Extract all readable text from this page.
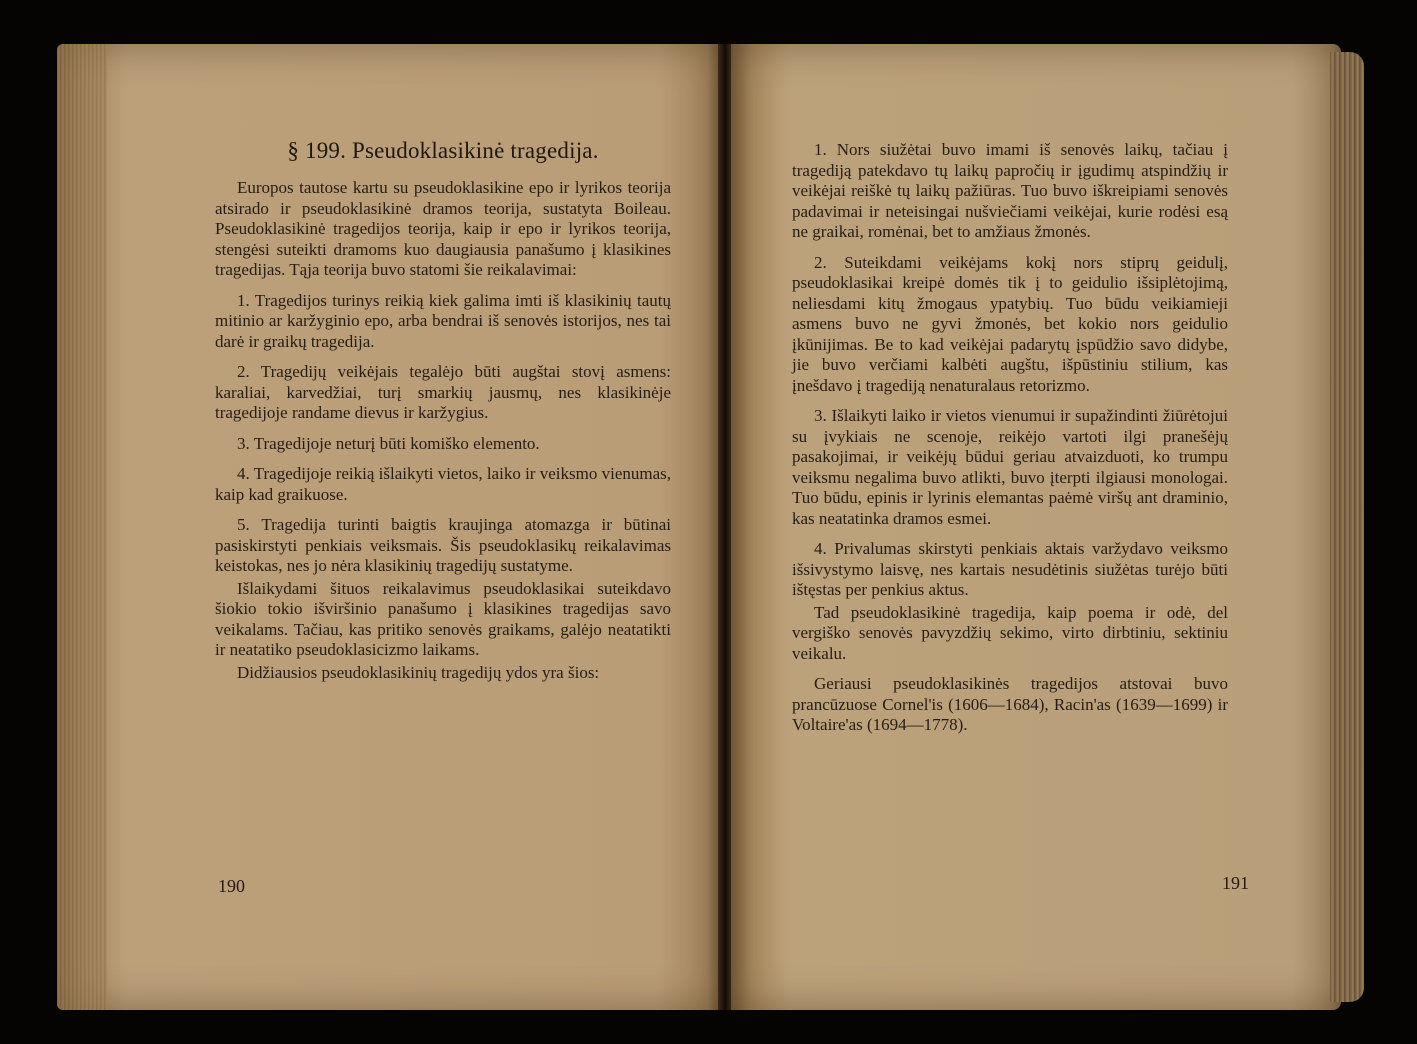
§ 199. Pseudoklasikinė tragedija.

Europos tautose kartu su pseudoklasikine epo ir lyrikos teorija atsirado ir pseudoklasikinė dramos teorija, sustatyta Boileau. Pseudoklasikinė tragedijos teorija, kaip ir epo ir lyrikos teorija, stengėsi suteikti dramoms kuo daugiausia panašumo į klasikines tragedijas. Tąja teorija buvo statomi šie reikalavimai:

1. Tragedijos turinys reikią kiek galima imti iš klasikinių tautų mitinio ar karžyginio epo, arba bendrai iš senovės istorijos, nes tai darė ir graikų tragedija.

2. Tragedijų veikėjais tegalėjo būti augštai stovį asmens: karaliai, karvedžiai, turį smarkių jausmų, nes klasikinėje tragedijoje randame dievus ir karžygius.

3. Tragedijoje neturį būti komiško elemento.

4. Tragedijoje reikią išlaikyti vietos, laiko ir veiksmo vienumas, kaip kad graikuose.

5. Tragedija turinti baigtis kraujinga atomazga ir būtinai pasiskirstyti penkiais veiksmais. Šis pseudoklasikų reikalavimas keistokas, nes jo nėra klasikinių tragedijų sustatyme.

Išlaikydami šituos reikalavimus pseudoklasikai suteikdavo šiokio tokio išviršinio panašumo į klasikines tragedijas savo veikalams. Tačiau, kas pritiko senovės graikams, galėjo neatatikti ir neatatiko pseudoklasicizmo laikams.

Didžiausios pseudoklasikinių tragedijų ydos yra šios:

190

1. Nors siužėtai buvo imami iš senovės laikų, tačiau į tragediją patekdavo tų laikų papročių ir įgudimų atspindžių ir veikėjai reiškė tų laikų pažiūras. Tuo buvo iškreipiami senovės padavimai ir neteisingai nušviečiami veikėjai, kurie rodėsi esą ne graikai, romėnai, bet to amžiaus žmonės.

2. Suteikdami veikėjams kokį nors stiprų geidulį, pseudoklasikai kreipė domės tik į to geidulio išsiplėtojimą, neliesdami kitų žmogaus ypatybių. Tuo būdu veikiamieji asmens buvo ne gyvi žmonės, bet kokio nors geidulio įkūnijimas. Be to kad veikėjai padarytų įspūdžio savo didybe, jie buvo verčiami kalbėti augštu, išpūstiniu stilium, kas įnešdavo į tragediją nenaturalaus retorizmo.

3. Išlaikyti laiko ir vietos vienumui ir supažindinti žiūrėtojui su įvykiais ne scenoje, reikėjo vartoti ilgi pranešėjų pasakojimai, ir veikėjų būdui geriau atvaizduoti, ko trumpu veiksmu negalima buvo atlikti, buvo įterpti ilgiausi monologai. Tuo būdu, epinis ir lyrinis elemantas paėmė viršų ant draminio, kas neatatinka dramos esmei.

4. Privalumas skirstyti penkiais aktais varžydavo veiksmo išsivystymo laisvę, nes kartais nesudėtinis siužėtas turėjo būti ištęstas per penkius aktus.

Tad pseudoklasikinė tragedija, kaip poema ir odė, del vergiško senovės pavyzdžių sekimo, virto dirbtiniu, sektiniu veikalu.

Geriausi pseudoklasikinės tragedijos atstovai buvo prancūzuose Cornel'is (1606—1684), Racin'as (1639—1699) ir Voltaire'as (1694—1778).

191
